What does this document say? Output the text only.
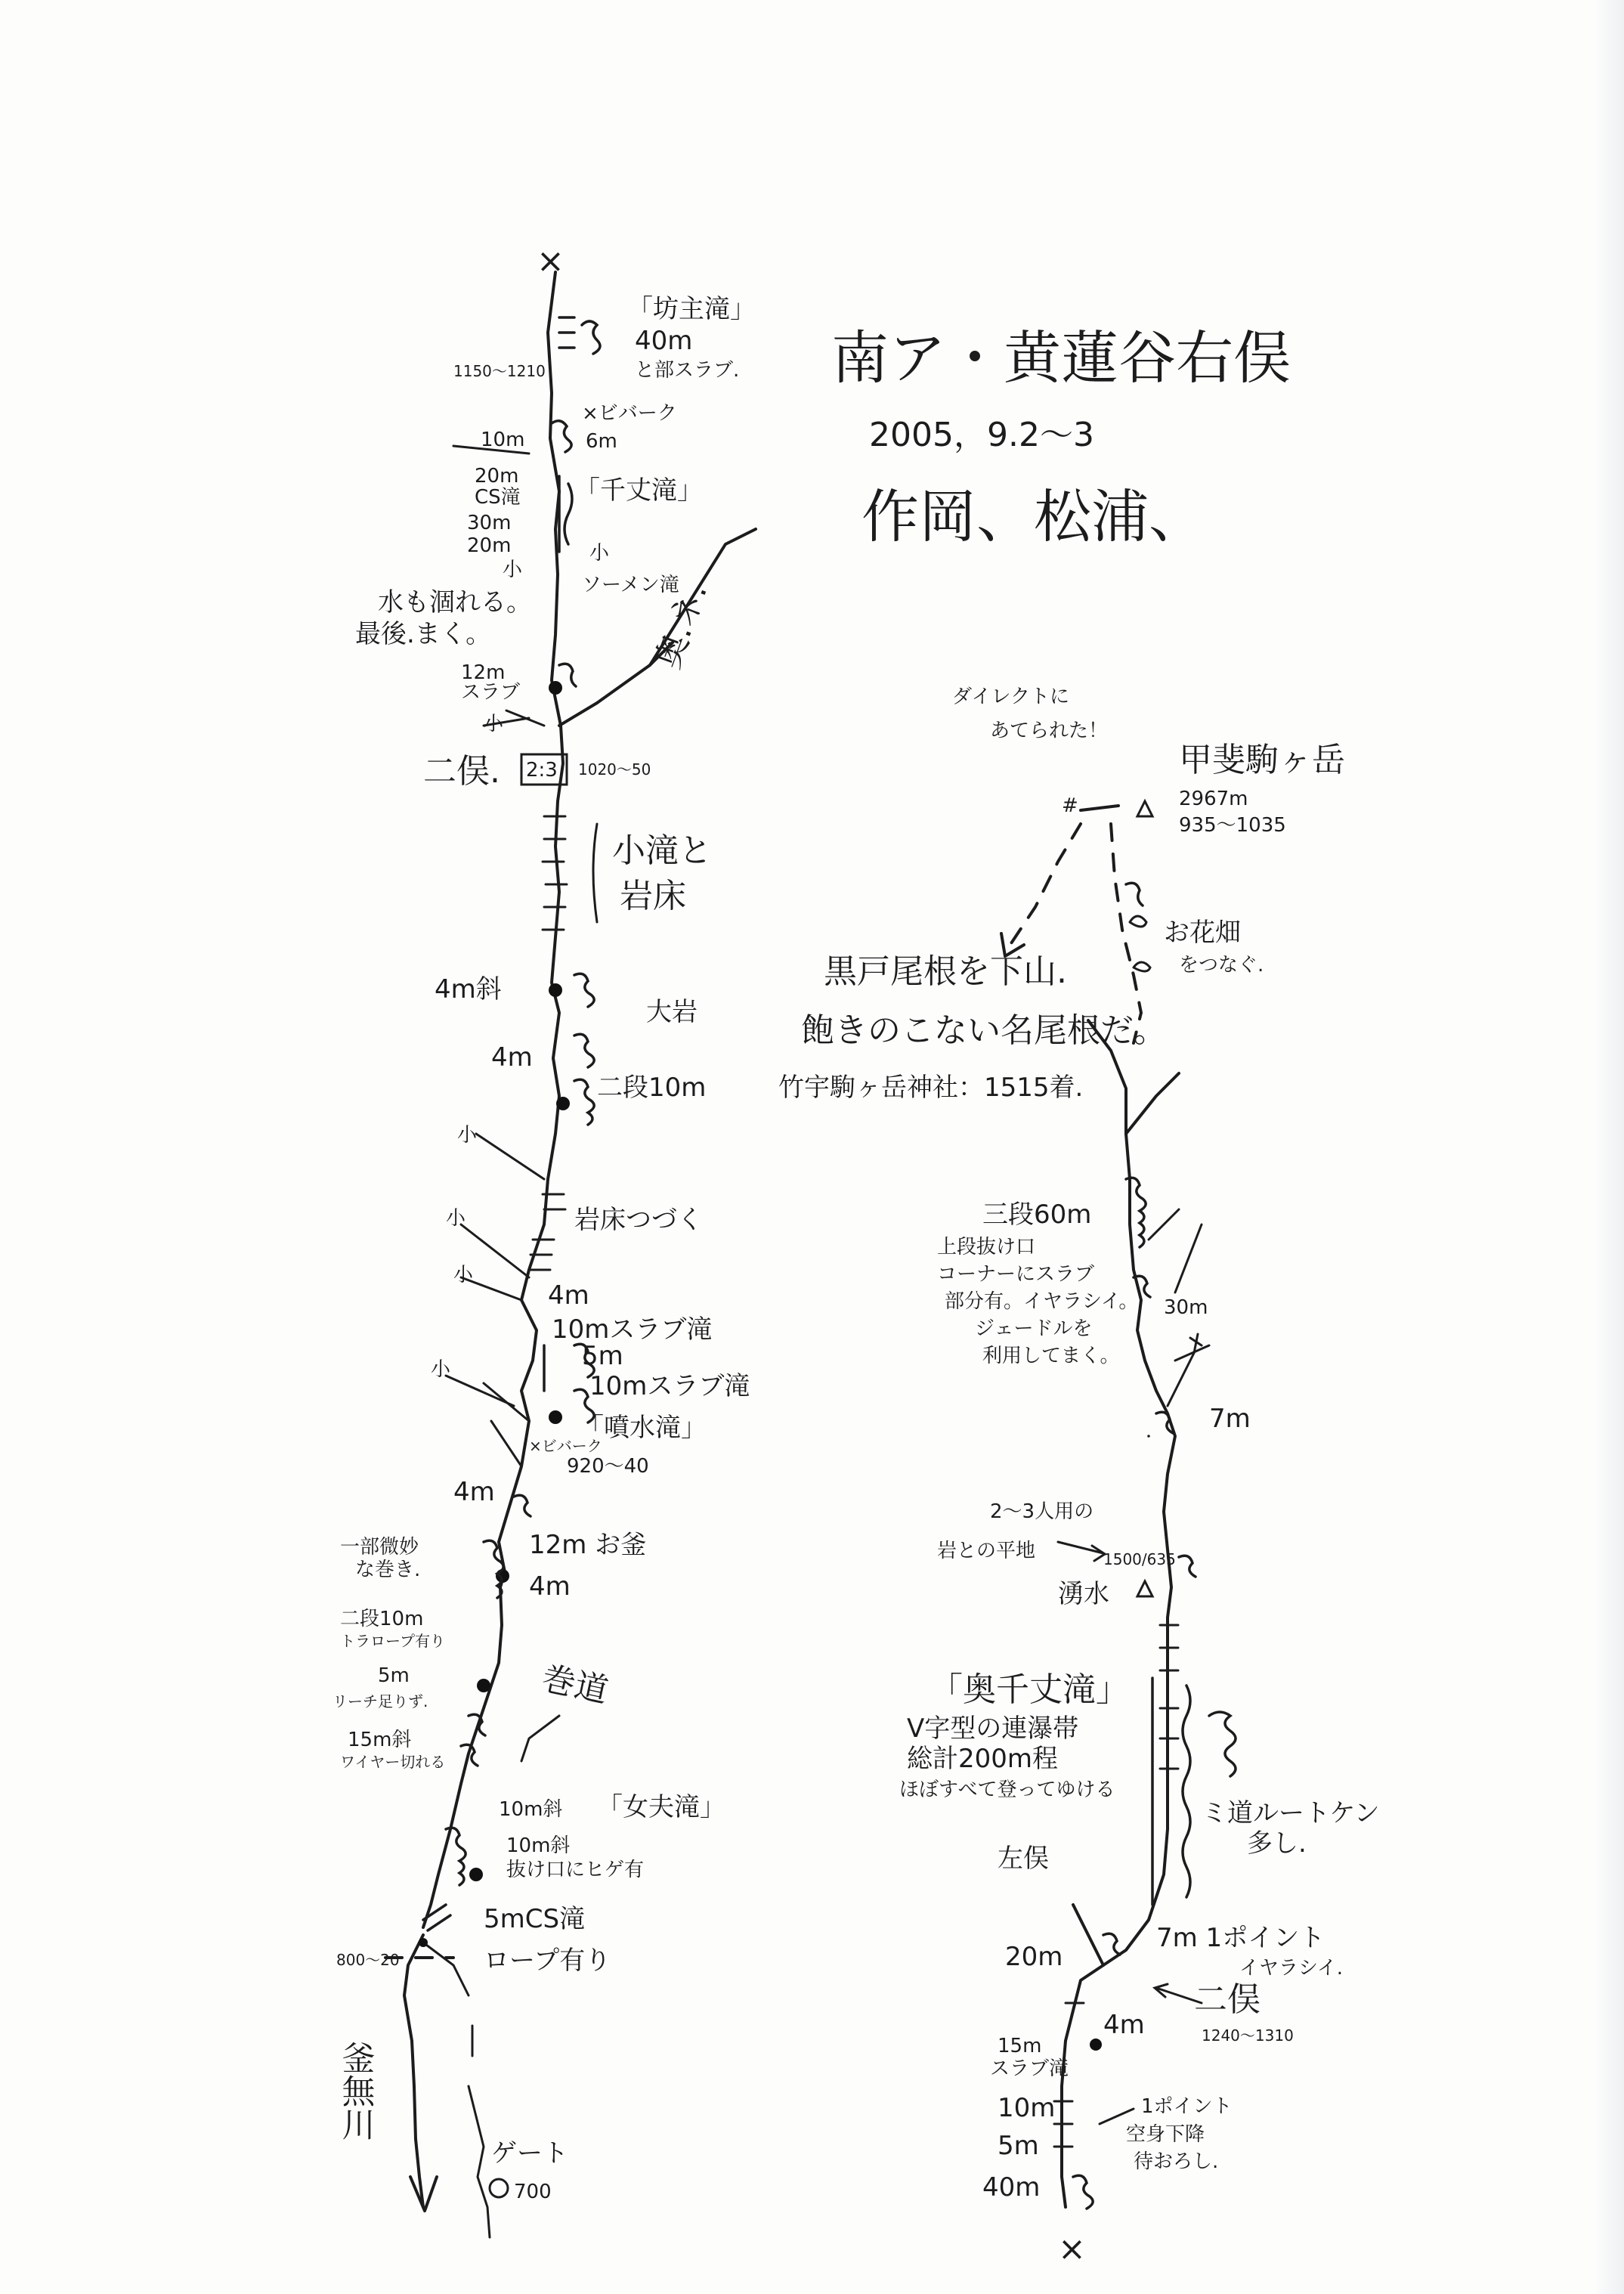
南ア・黄蓮谷右俣
2005，9.2～3
作岡、松浦、
×
「坊主滝」
40m
と部スラブ.
1150～1210
×ビバーク
6m
10m
20m
CS滝 「千丈滝」
30m
20m
小
小
ソーメン滝
水も涸れる。
最後.まく。
12m
スラブ
小
奥.ネ.
二俣. 2:3 1020～50
小滝と
岩床
4m斜
大岩
4m
二段10m
小
岩床つづく
小
小
4m
10mスラブ滝
5m
10mスラブ滝
小
「噴水滝」
×ビバーク
920～40
4m
一部微妙
な巻き.
12m お釜
4m
二段10m
トラロープ有り
5m
リーチ足りず.
15m斜
ワイヤー切れる
巻道
10m斜 「女夫滝」
10m斜
抜け口にヒゲ有
5mCS滝
ロープ有り
800～20
釜無川
ゲート
700
ダイレクトに
あてられた！
甲斐駒ヶ岳
2967m
935～1035
#
お花畑
をつなぐ.
黒戸尾根を下山.
飽きのこない名尾根だ。
竹宇駒ヶ岳神社：1515着.
三段60m
上段抜け口
コーナーにスラブ
部分有。イヤラシイ。
ジェードルを
利用してまく。
30m
7m
2～3人用の
岩との平地	1500/635
湧水
「奥千丈滝」
V字型の連瀑帯
総計200m程
ほぼすべて登ってゆける
ミ道ルートケン
多し.
左俣
7m 1ポイント
イヤラシイ.
20m
二俣
1240～1310
4m
15m
スラブ滝
10m
5m
40m
1ポイント
空身下降
待おろし.
×
